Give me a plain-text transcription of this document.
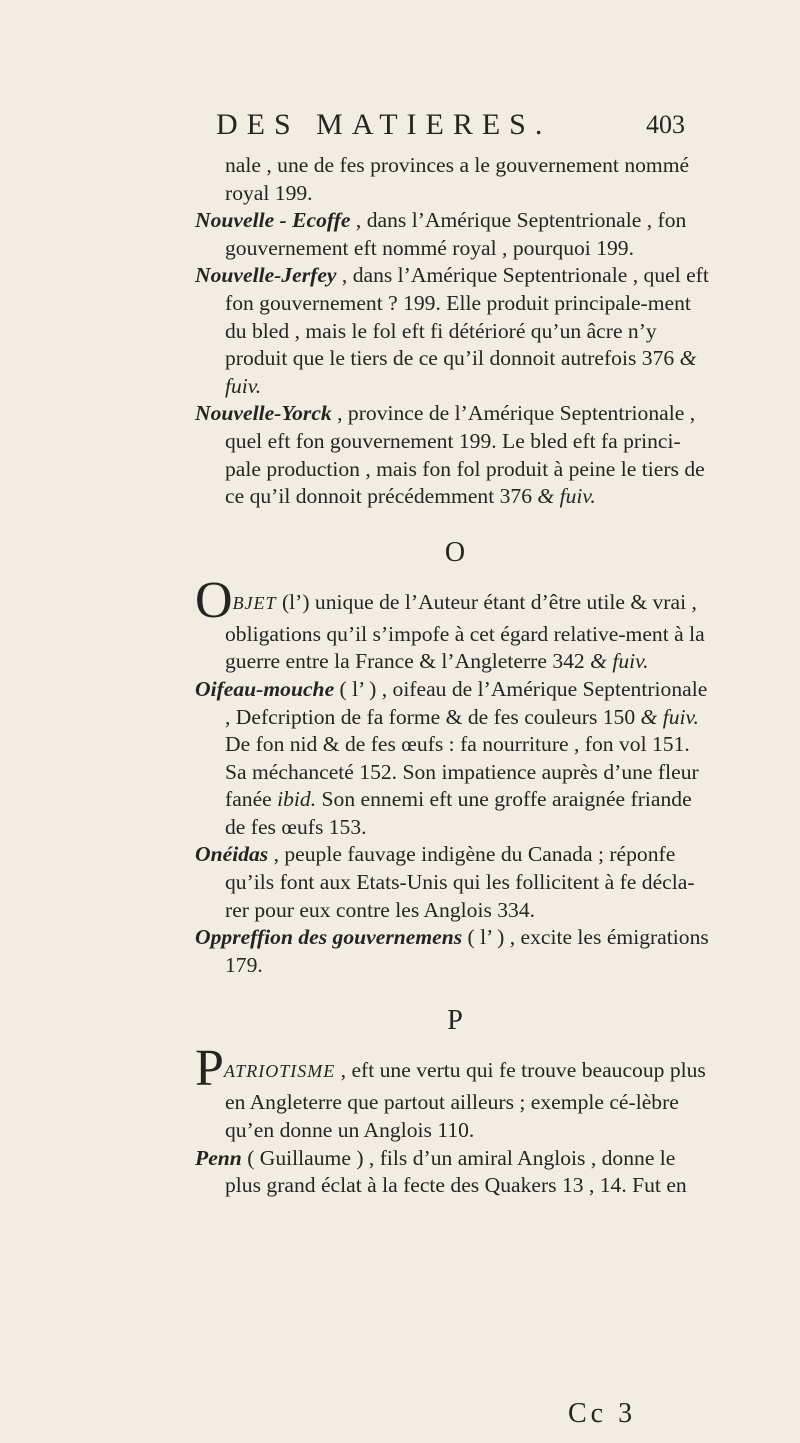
DES MATIERES.	403

nale , une de fes provinces a le gouvernement nommé royal 199.

Nouvelle - Ecoffe , dans l’Amérique Septentrionale , fon gouvernement eft nommé royal , pourquoi 199.

Nouvelle-Jerfey , dans l’Amérique Septentrionale , quel eft fon gouvernement ? 199. Elle produit principale-ment du bled , mais le fol eft fi détérioré qu’un âcre n’y produit que le tiers de ce qu’il donnoit autrefois 376 & fuiv.

Nouvelle-Yorck , province de l’Amérique Septentrionale , quel eft fon gouvernement 199. Le bled eft fa princi-pale production , mais fon fol produit à peine le tiers de ce qu’il donnoit précédemment 376 & fuiv.

O

OBJET (l’) unique de l’Auteur étant d’être utile & vrai , obligations qu’il s’impofe à cet égard relative-ment à la guerre entre la France & l’Angleterre 342 & fuiv.

Oifeau-mouche ( l’ ) , oifeau de l’Amérique Septentrionale , Defcription de fa forme & de fes couleurs 150 & fuiv. De fon nid & de fes œufs : fa nourriture , fon vol 151. Sa méchanceté 152. Son impatience auprès d’une fleur fanée ibid. Son ennemi eft une groffe araignée friande de fes œufs 153.

Onéidas , peuple fauvage indigène du Canada ; réponfe qu’ils font aux Etats-Unis qui les follicitent à fe décla-rer pour eux contre les Anglois 334.

Oppreffion des gouvernemens ( l’ ) , excite les émigrations 179.

P

PATRIOTISME , eft une vertu qui fe trouve beaucoup plus en Angleterre que partout ailleurs ; exemple cé-lèbre qu’en donne un Anglois 110.

Penn ( Guillaume ) , fils d’un amiral Anglois , donne le plus grand éclat à la fecte des Quakers 13 , 14. Fut en

Cc 3
